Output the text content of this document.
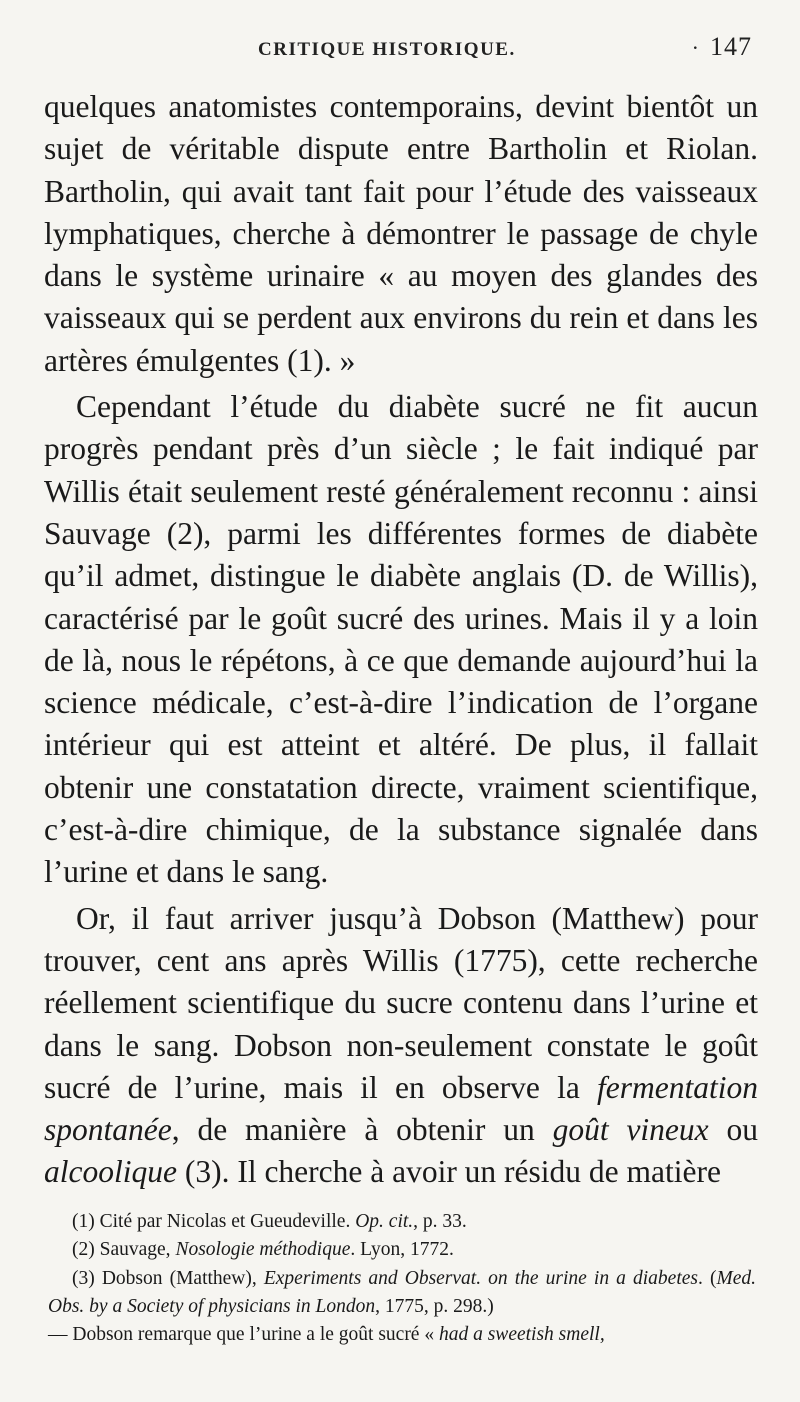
CRITIQUE HISTORIQUE.	· 147

quelques anatomistes contemporains, devint bientôt un sujet de véritable dispute entre Bartholin et Riolan. Bartholin, qui avait tant fait pour l’étude des vaisseaux lymphatiques, cherche à démontrer le passage de chyle dans le système urinaire « au moyen des glandes des vaisseaux qui se perdent aux environs du rein et dans les artères émulgentes (1). »

Cependant l’étude du diabète sucré ne fit aucun progrès pendant près d’un siècle ; le fait indiqué par Willis était seulement resté généralement reconnu : ainsi Sauvage (2), parmi les différentes formes de diabète qu’il admet, distingue le diabète anglais (D. de Willis), caractérisé par le goût sucré des urines. Mais il y a loin de là, nous le répétons, à ce que demande aujourd’hui la science médicale, c’est-à-dire l’indication de l’organe intérieur qui est atteint et altéré. De plus, il fallait obtenir une constatation directe, vraiment scientifique, c’est-à-dire chimique, de la substance signalée dans l’urine et dans le sang.

Or, il faut arriver jusqu’à Dobson (Matthew) pour trouver, cent ans après Willis (1775), cette recherche réellement scientifique du sucre contenu dans l’urine et dans le sang. Dobson non-seulement constate le goût sucré de l’urine, mais il en observe la fermentation spontanée, de manière à obtenir un goût vineux ou alcoolique (3). Il cherche à avoir un résidu de matière

(1) Cité par Nicolas et Gueudeville. Op. cit., p. 33.

(2) Sauvage, Nosologie méthodique. Lyon, 1772.

(3) Dobson (Matthew), Experiments and Observat. on the urine in a diabetes. (Med. Obs. by a Society of physicians in London, 1775, p. 298.)

— Dobson remarque que l’urine a le goût sucré « had a sweetish smell,
